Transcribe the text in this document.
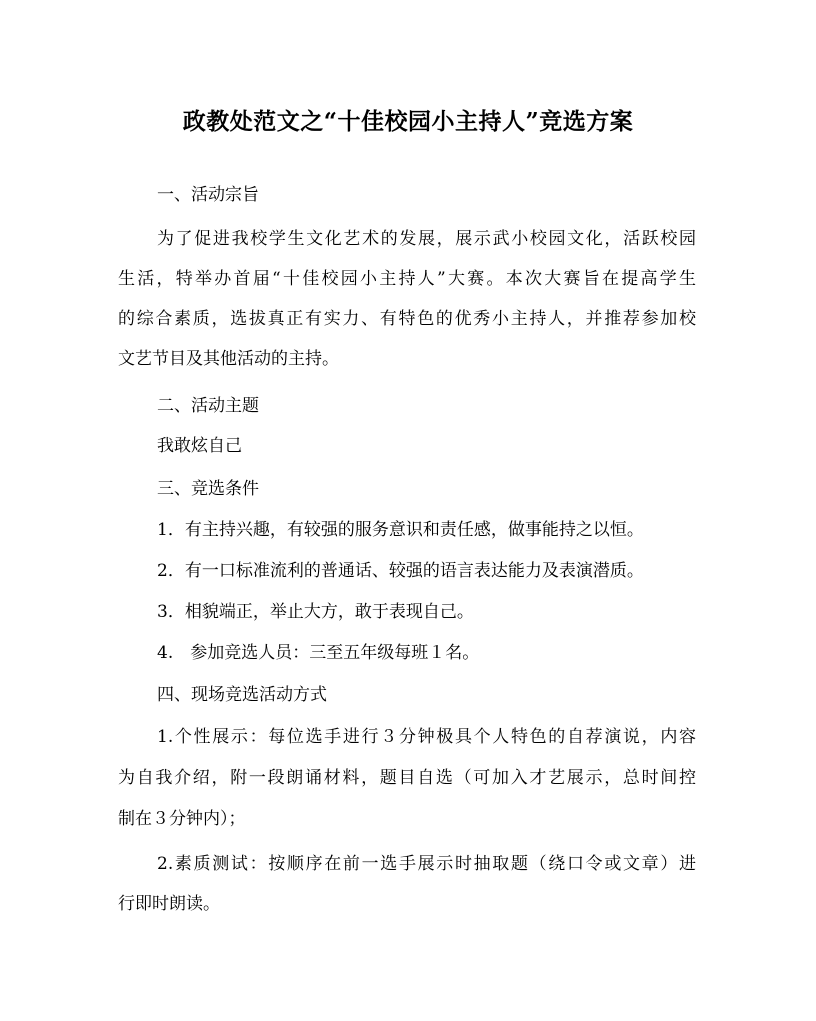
政教处范文之“十佳校园小主持人”竞选方案
一、活动宗旨
为了促进我校学生文化艺术的发展，展示武小校园文化，活跃校园
生活，特举办首届“十佳校园小主持人”大赛。本次大赛旨在提高学生
的综合素质，选拔真正有实力、有特色的优秀小主持人，并推荐参加校
文艺节目及其他活动的主持。
二、活动主题
我敢炫自己
三、竞选条件
1．有主持兴趣，有较强的服务意识和责任感，做事能持之以恒。
2．有一口标准流利的普通话、较强的语言表达能力及表演潜质。
3．相貌端正，举止大方，敢于表现自己。
4.　参加竞选人员：三至五年级每班１名。
四、现场竞选活动方式
1.个性展示：每位选手进行３分钟极具个人特色的自荐演说，内容
为自我介绍，附一段朗诵材料，题目自选（可加入才艺展示，总时间控
制在３分钟内）；
2.素质测试：按顺序在前一选手展示时抽取题（绕口令或文章）进
行即时朗读。
